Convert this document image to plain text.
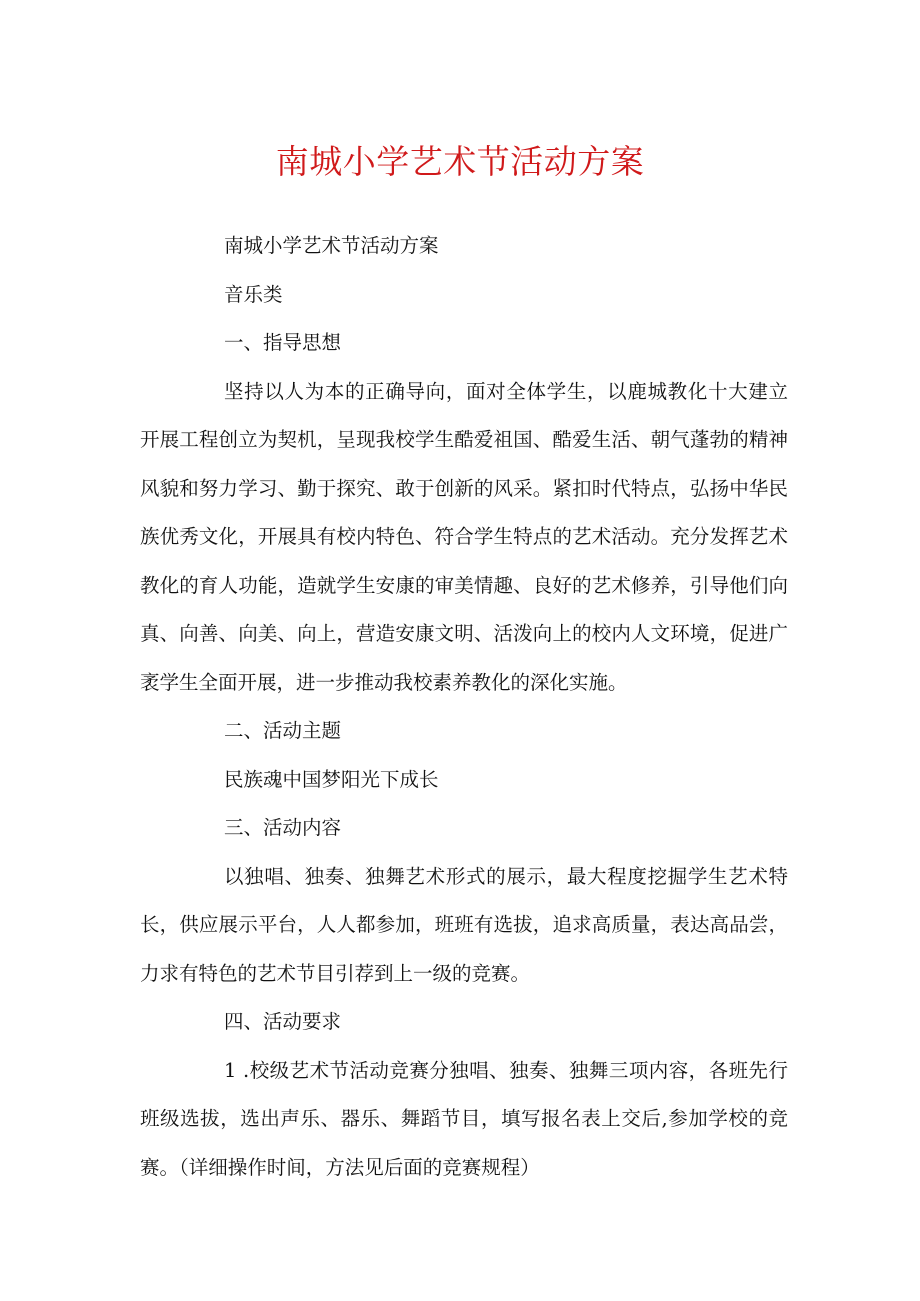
南城小学艺术节活动方案

南城小学艺术节活动方案

音乐类

一、指导思想

坚持以人为本的正确导向，面对全体学生，以鹿城教化十大建立开展工程创立为契机，呈现我校学生酷爱祖国、酷爱生活、朝气蓬勃的精神风貌和努力学习、勤于探究、敢于创新的风采。紧扣时代特点，弘扬中华民族优秀文化，开展具有校内特色、符合学生特点的艺术活动。充分发挥艺术教化的育人功能，造就学生安康的审美情趣、良好的艺术修养，引导他们向真、向善、向美、向上，营造安康文明、活泼向上的校内人文环境，促进广袤学生全面开展，进一步推动我校素养教化的深化实施。

二、活动主题

民族魂中国梦阳光下成长

三、活动内容

以独唱、独奏、独舞艺术形式的展示，最大程度挖掘学生艺术特长，供应展示平台，人人都参加，班班有选拔，追求高质量，表达高品尝，力求有特色的艺术节目引荐到上一级的竞赛。

四、活动要求

1 .校级艺术节活动竞赛分独唱、独奏、独舞三项内容，各班先行班级选拔，选出声乐、器乐、舞蹈节目，填写报名表上交后,参加学校的竞赛。（详细操作时间，方法见后面的竞赛规程）
